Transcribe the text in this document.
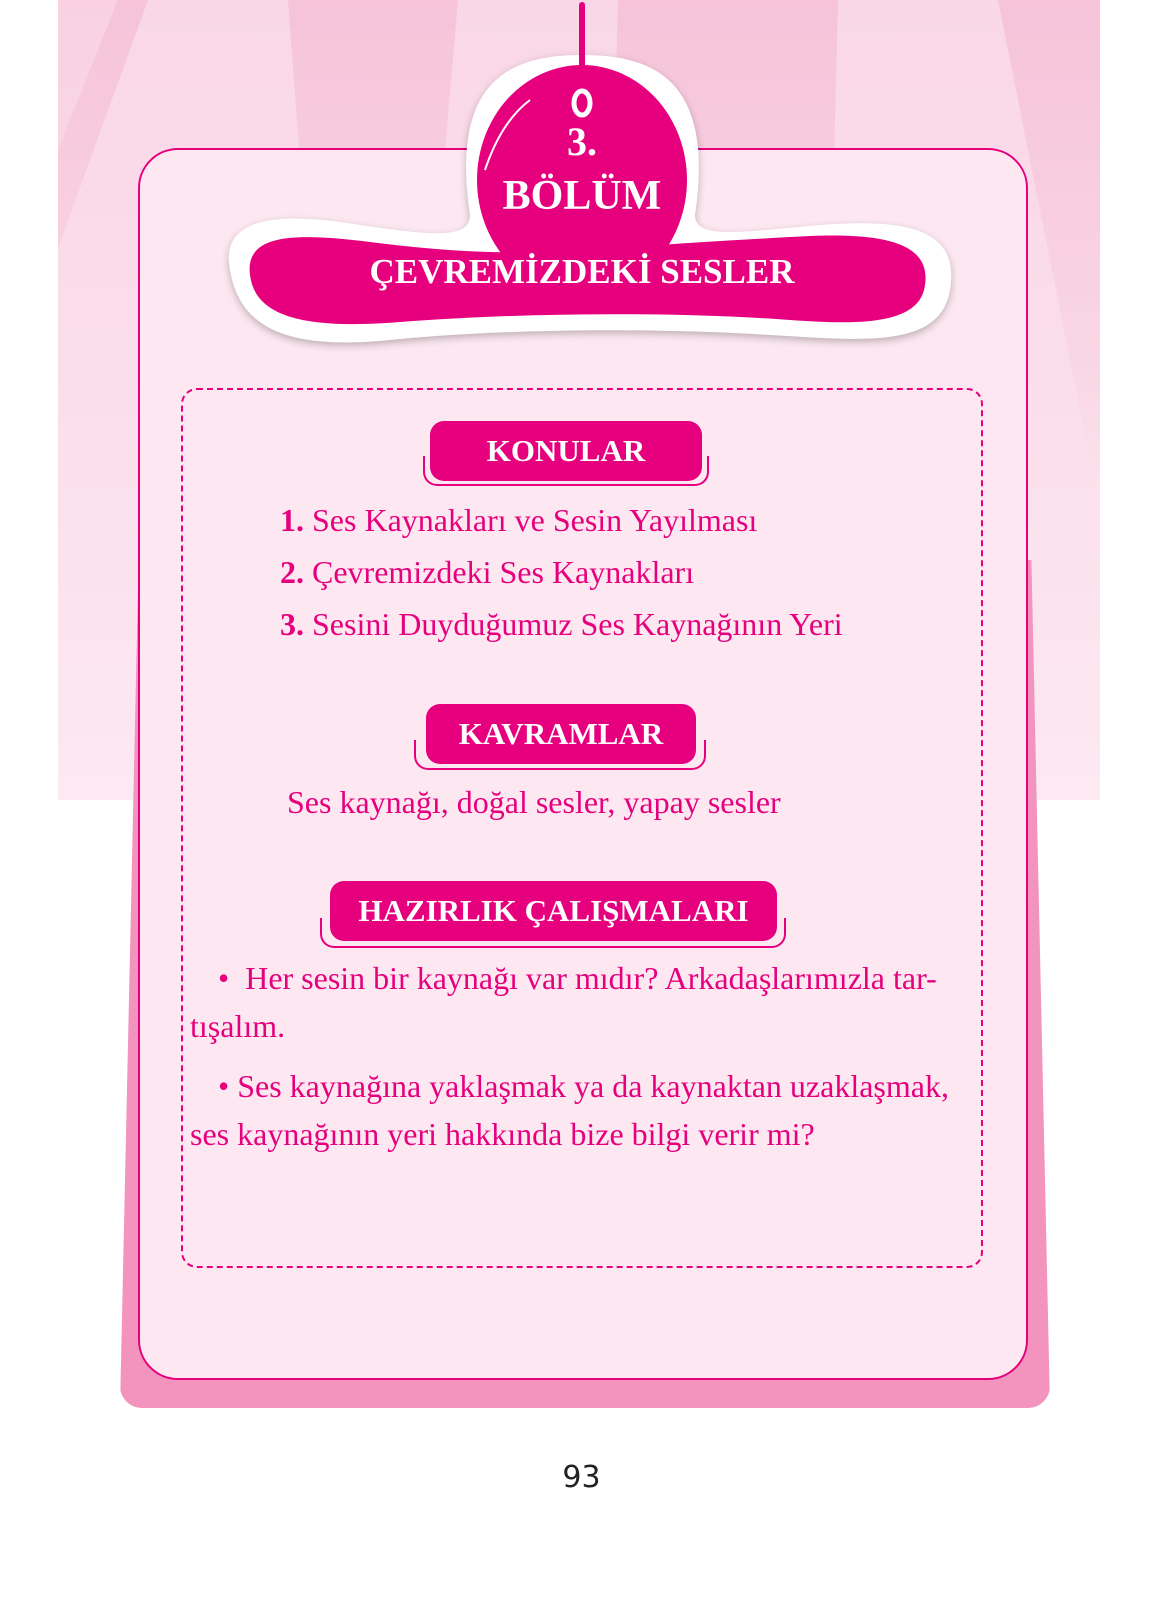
3.
BÖLÜM
ÇEVREMİZDEKİ SESLER
KONULAR
1. Ses Kaynakları ve Sesin Yayılması
2. Çevremizdeki Ses Kaynakları
3. Sesini Duyduğumuz Ses Kaynağının Yeri
KAVRAMLAR
Ses kaynağı, doğal sesler, yapay sesler
HAZIRLIK ÇALIŞMALARI
• Her sesin bir kaynağı var mıdır? Arkadaşlarımızla tar-
tışalım.
• Ses kaynağına yaklaşmak ya da kaynaktan uzaklaşmak,
ses kaynağının yeri hakkında bize bilgi verir mi?
93
